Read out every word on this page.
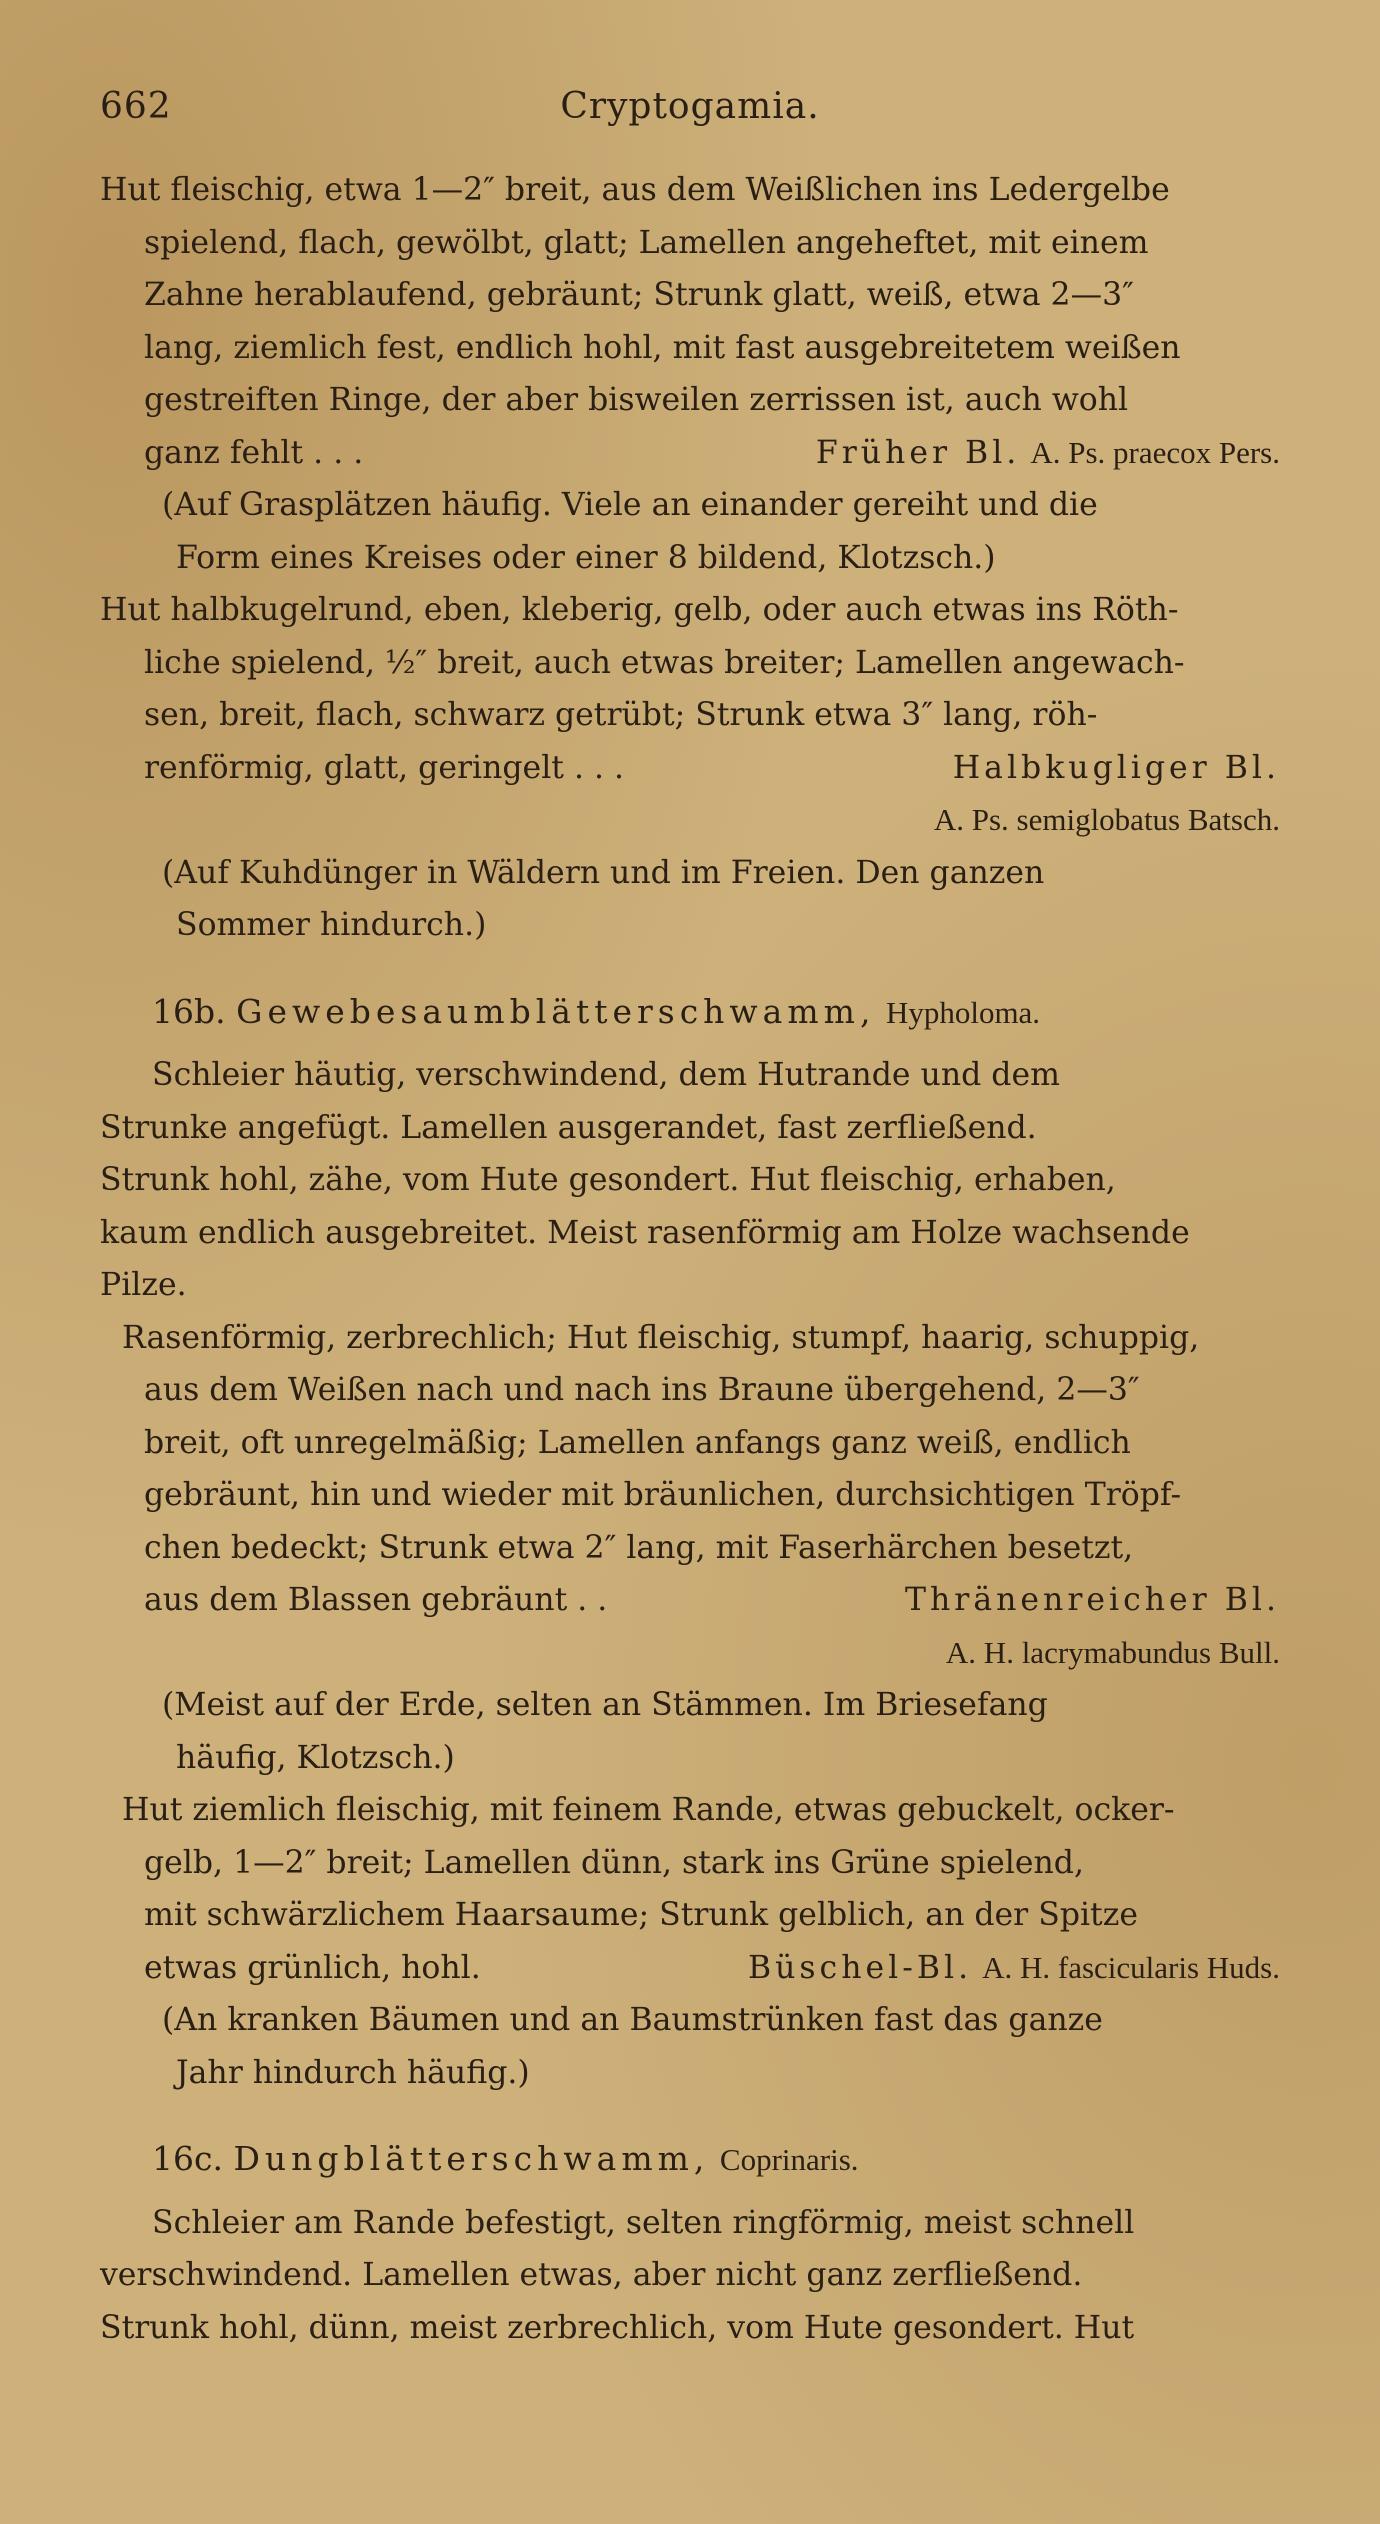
662	Cryptogamia.

Hut fleischig, etwa 1—2″ breit, aus dem Weißlichen ins Ledergelbe

spielend, flach, gewölbt, glatt; Lamellen angeheftet, mit einem

Zahne herablaufend, gebräunt; Strunk glatt, weiß, etwa 2—3″

lang, ziemlich fest, endlich hohl, mit fast ausgebreitetem weißen

gestreiften Ringe, der aber bisweilen zerrissen ist, auch wohl

ganz fehlt . . .	Früher Bl. A. Ps. praecox Pers.

(Auf Grasplätzen häufig. Viele an einander gereiht und die

Form eines Kreises oder einer 8 bildend, Klotzsch.)

Hut halbkugelrund, eben, kleberig, gelb, oder auch etwas ins Röth-

liche spielend, ½″ breit, auch etwas breiter; Lamellen angewach-

sen, breit, flach, schwarz getrübt; Strunk etwa 3″ lang, röh-

renförmig, glatt, geringelt . . .	Halbkugliger Bl.

A. Ps. semiglobatus Batsch.

(Auf Kuhdünger in Wäldern und im Freien. Den ganzen

Sommer hindurch.)

16b. Gewebesaumblätterschwamm, Hypholoma.

Schleier häutig, verschwindend, dem Hutrande und dem

Strunke angefügt. Lamellen ausgerandet, fast zerfließend.

Strunk hohl, zähe, vom Hute gesondert. Hut fleischig, erhaben,

kaum endlich ausgebreitet. Meist rasenförmig am Holze wachsende

Pilze.

Rasenförmig, zerbrechlich; Hut fleischig, stumpf, haarig, schuppig,

aus dem Weißen nach und nach ins Braune übergehend, 2—3″

breit, oft unregelmäßig; Lamellen anfangs ganz weiß, endlich

gebräunt, hin und wieder mit bräunlichen, durchsichtigen Tröpf-

chen bedeckt; Strunk etwa 2″ lang, mit Faserhärchen besetzt,

aus dem Blassen gebräunt . .	Thränenreicher Bl.

A. H. lacrymabundus Bull.

(Meist auf der Erde, selten an Stämmen. Im Briesefang

häufig, Klotzsch.)

Hut ziemlich fleischig, mit feinem Rande, etwas gebuckelt, ocker-

gelb, 1—2″ breit; Lamellen dünn, stark ins Grüne spielend,

mit schwärzlichem Haarsaume; Strunk gelblich, an der Spitze

etwas grünlich, hohl.	Büschel-Bl. A. H. fascicularis Huds.

(An kranken Bäumen und an Baumstrünken fast das ganze

Jahr hindurch häufig.)

16c. Dungblätterschwamm, Coprinaris.

Schleier am Rande befestigt, selten ringförmig, meist schnell

verschwindend. Lamellen etwas, aber nicht ganz zerfließend.

Strunk hohl, dünn, meist zerbrechlich, vom Hute gesondert. Hut
